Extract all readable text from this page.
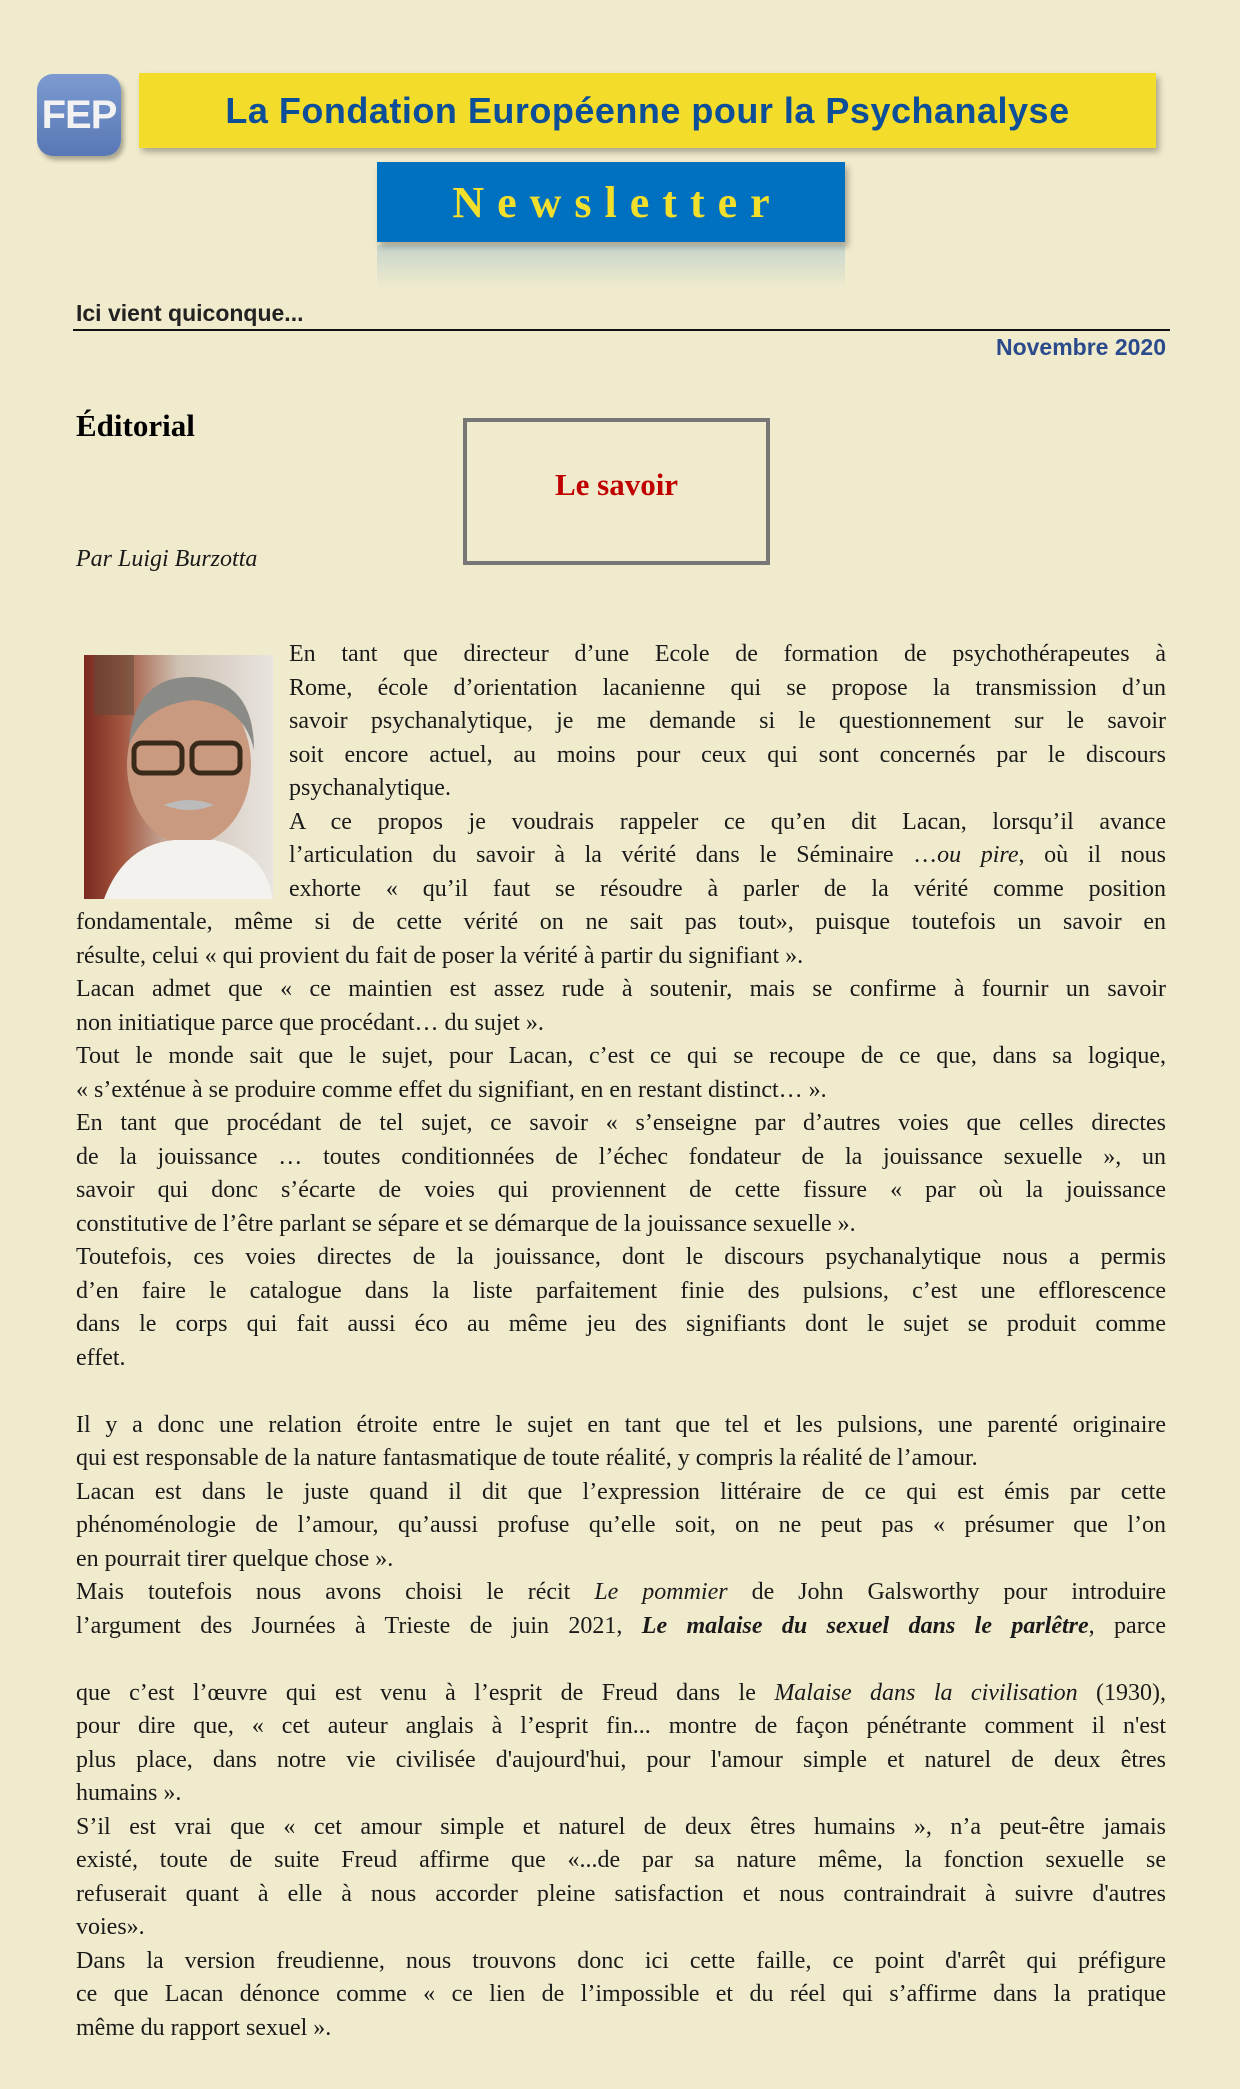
FEP	La Fondation Européenne pour la Psychanalyse
Newsletter
Ici vient quiconque...
Novembre 2020
Éditorial
Le savoir
Par Luigi Burzotta
En tant que directeur d’une Ecole de formation de psychothérapeutes à
Rome, école d’orientation lacanienne qui se propose la transmission d’un
savoir psychanalytique, je me demande si le questionnement sur le savoir
soit encore actuel, au moins pour ceux qui sont concernés par le discours
psychanalytique.
A ce propos je voudrais rappeler ce qu’en dit Lacan, lorsqu’il avance
l’articulation du savoir à la vérité dans le Séminaire …ou pire, où il nous
exhorte « qu’il faut se résoudre à parler de la vérité comme position
fondamentale, même si de cette vérité on ne sait pas tout», puisque toutefois un savoir en
résulte, celui « qui provient du fait de poser la vérité à partir du signifiant ».
Lacan admet que « ce maintien est assez rude à soutenir, mais se confirme à fournir un savoir
non initiatique parce que procédant… du sujet ».
Tout le monde sait que le sujet, pour Lacan, c’est ce qui se recoupe de ce que, dans sa logique,
« s’exténue à se produire comme effet du signifiant, en en restant distinct… ».
En tant que procédant de tel sujet, ce savoir « s’enseigne par d’autres voies que celles directes
de la jouissance … toutes conditionnées de l’échec fondateur de la jouissance sexuelle », un
savoir qui donc s’écarte de voies qui proviennent de cette fissure « par où la jouissance
constitutive de l’être parlant se sépare et se démarque de la jouissance sexuelle ».
Toutefois, ces voies directes de la jouissance, dont le discours psychanalytique nous a permis
d’en faire le catalogue dans la liste parfaitement finie des pulsions, c’est une efflorescence
dans le corps qui fait aussi éco au même jeu des signifiants dont le sujet se produit comme
effet.
Il y a donc une relation étroite entre le sujet en tant que tel et les pulsions, une parenté originaire
qui est responsable de la nature fantasmatique de toute réalité, y compris la réalité de l’amour.
Lacan est dans le juste quand il dit que l’expression littéraire de ce qui est émis par cette
phénoménologie de l’amour, qu’aussi profuse qu’elle soit, on ne peut pas « présumer que l’on
en pourrait tirer quelque chose ».
Mais toutefois nous avons choisi le récit Le pommier de John Galsworthy pour introduire
l’argument des Journées à Trieste de juin 2021, Le malaise du sexuel dans le parlêtre, parce
que c’est l’œuvre qui est venu à l’esprit de Freud dans le Malaise dans la civilisation (1930),
pour dire que, « cet auteur anglais à l’esprit fin... montre de façon pénétrante comment il n'est
plus place, dans notre vie civilisée d'aujourd'hui, pour l'amour simple et naturel de deux êtres
humains ».
S’il est vrai que « cet amour simple et naturel de deux êtres humains », n’a peut-être jamais
existé, toute de suite Freud affirme que «...de par sa nature même, la fonction sexuelle se
refuserait quant à elle à nous accorder pleine satisfaction et nous contraindrait à suivre d'autres
voies».
Dans la version freudienne, nous trouvons donc ici cette faille, ce point d'arrêt qui préfigure
ce que Lacan dénonce comme « ce lien de l’impossible et du réel qui s’affirme dans la pratique
même du rapport sexuel ».
